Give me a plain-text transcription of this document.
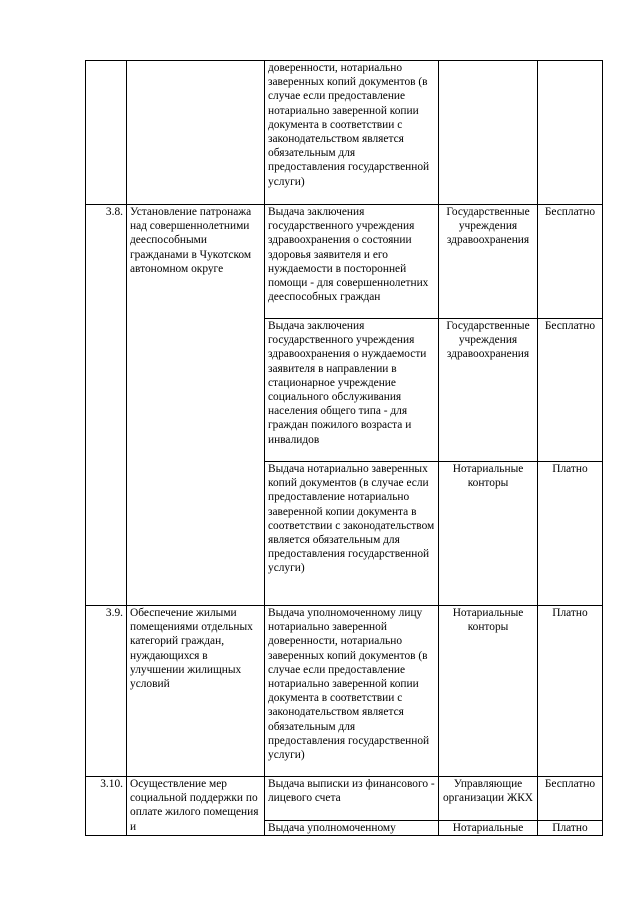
		доверенности, нотариально заверенных копий документов (в случае если предоставление нотариально заверенной копии документа в соответствии с законодательством является обязательным для предоставления государственной услуги)		
3.8.	Установление патронажа над совершеннолетними дееспособными гражданами в Чукотском автономном округе	Выдача заключения государственного учреждения здравоохранения о состоянии здоровья заявителя и его нуждаемости в посторонней помощи - для совершеннолетних дееспособных граждан	Государственные учреждения здравоохранения	Бесплатно
		Выдача заключения государственного учреждения здравоохранения о нуждаемости заявителя в направлении в стационарное учреждение социального обслуживания населения общего типа - для граждан пожилого возраста и инвалидов	Государственные учреждения здравоохранения	Бесплатно
		Выдача нотариально заверенных копий документов (в случае если предоставление нотариально заверенной копии документа в соответствии с законодательством является обязательным для предоставления государственной услуги)	Нотариальные конторы	Платно
3.9.	Обеспечение жилыми помещениями отдельных категорий граждан, нуждающихся в улучшении жилищных условий	Выдача уполномоченному лицу нотариально заверенной доверенности, нотариально заверенных копий документов (в случае если предоставление нотариально заверенной копии документа в соответствии с законодательством является обязательным для предоставления государственной услуги)	Нотариальные конторы	Платно
3.10.	Осуществление мер социальной поддержки по оплате жилого помещения и	Выдача выписки из финансового - лицевого счета	Управляющие организации ЖКХ	Бесплатно
		Выдача уполномоченному	Нотариальные	Платно
